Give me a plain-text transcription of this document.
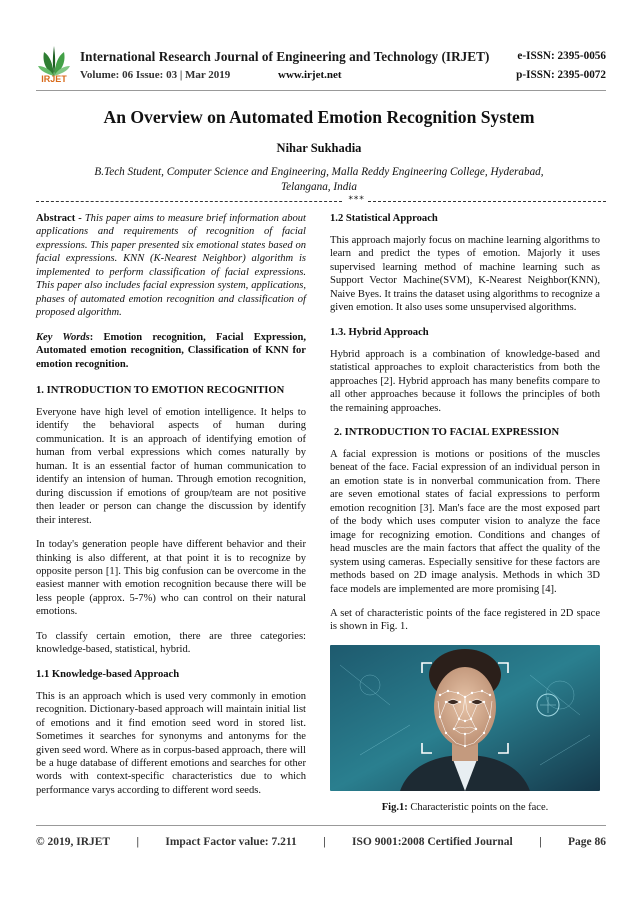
IRJET
International Research Journal of Engineering and Technology (IRJET) e-ISSN: 2395-0056
Volume: 06 Issue: 03 | Mar 2019	www.irjet.net	p-ISSN: 2395-0072
An Overview on Automated Emotion Recognition System
Nihar Sukhadia
B.Tech Student, Computer Science and Engineering, Malla Reddy Engineering College, Hyderabad,
Telangana, India
***

Abstract - This paper aims to measure brief information about applications and requirements of recognition of facial expressions. This paper presented six emotional states based on facial expressions. KNN (K-Nearest Neighbor) algorithm is implemented to perform classification of facial expressions. This paper also includes facial expression system, applications, phases of automated emotion recognition and classification of proposed algorithm.

Key Words: Emotion recognition, Facial Expression, Automated emotion recognition, Classification of KNN for emotion recognition.

1. INTRODUCTION TO EMOTION RECOGNITION

Everyone have high level of emotion intelligence. It helps to identify the behavioral aspects of human during communication. It is an approach of identifying emotion of human from verbal expressions which comes naturally by human. It is an essential factor of human communication to identify an intension of human. Through emotion recognition, during discussion if emotions of group/team are not positive then leader or person can change the discussion by identify their interest.

In today's generation people have different behavior and their thinking is also different, at that point it is to recognize by opposite person [1]. This big confusion can be overcome in the easiest manner with emotion recognition because there will be less people (approx. 5-7%) who can control on their natural emotions.

To classify certain emotion, there are three categories: knowledge-based, statistical, hybrid.

1.1 Knowledge-based Approach

This is an approach which is used very commonly in emotion recognition. Dictionary-based approach will maintain initial list of emotions and it find emotion seed word in stored list. Sometimes it searches for synonyms and antonyms for the given seed word. Where as in corpus-based approach, there will be a huge database of different emotions and searches for other words with context-specific characteristics due to which performance varys according to different word seeds.

1.2 Statistical Approach

This approach majorly focus on machine learning algorithms to learn and predict the types of emotion. Majorly it uses supervised learning method of machine learning such as Support Vector Machine(SVM), K-Nearest Neighbor(KNN), Naive Byes. It trains the dataset using algorithms to recognize a given emotion. It also uses some unsupervised algorithms.

1.3. Hybrid Approach

Hybrid approach is a combination of knowledge-based and statistical approaches to exploit characteristics from both the approaches [2]. Hybrid approach has many benefits compare to all other approaches because it follows the principles of both the remaining approaches.

2. INTRODUCTION TO FACIAL EXPRESSION

A facial expression is motions or positions of the muscles beneat of the face. Facial expression of an individual person in an emotion state is in nonverbal communication from. There are seven emotional states of facial expressions to perform emotion recognition [3]. Man's face are the most exposed part of the body which uses computer vision to analyze the face image for recognizing emotion. Conditions and changes of head muscles are the main factors that affect the quality of the system using cameras. Especially sensitive for these factors are methods based on 2D image analysis. Methods in which 3D face models are implemented are more promising [4].

A set of characteristic points of the face registered in 2D space is shown in Fig. 1.

Fig.1: Characteristic points on the face.
© 2019, IRJET | Impact Factor value: 7.211 | ISO 9001:2008 Certified Journal | Page 86
